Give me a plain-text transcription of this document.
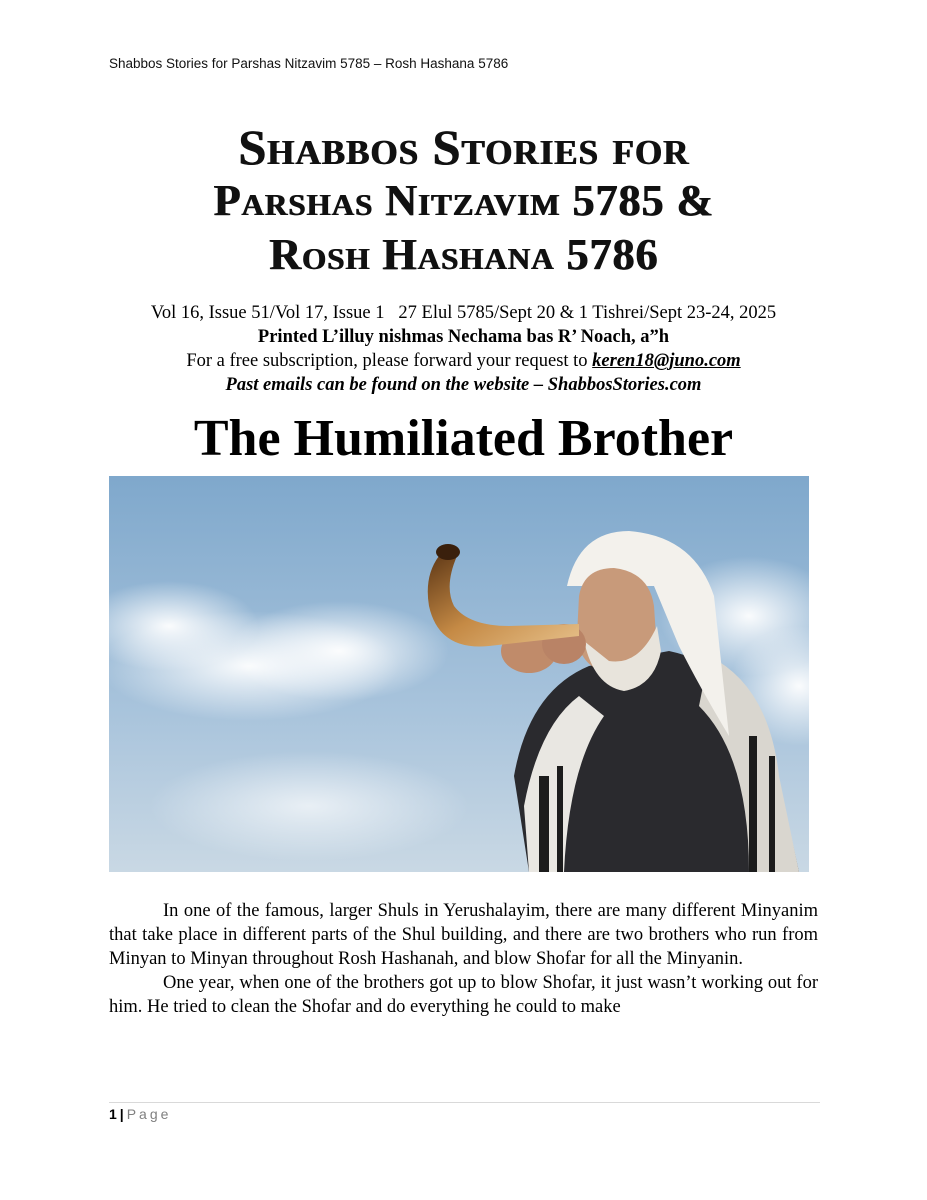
Shabbos Stories for Parshas Nitzavim 5785 – Rosh Hashana 5786
Shabbos Stories for
Parshas Nitzavim 5785 &
Rosh Hashana 5786
Vol 16, Issue 51/Vol 17, Issue 1   27 Elul 5785/Sept 20 & 1 Tishrei/Sept 23-24, 2025
Printed L’illuy nishmas Nechama bas R’ Noach, a”h
For a free subscription, please forward your request to keren18@juno.com
Past emails can be found on the website – ShabbosStories.com
The Humiliated Brother

In one of the famous, larger Shuls in Yerushalayim, there are many different Minyanim that take place in different parts of the Shul building, and there are two brothers who run from Minyan to Minyan throughout Rosh Hashanah, and blow Shofar for all the Minyanin.

One year, when one of the brothers got up to blow Shofar, it just wasn’t working out for him. He tried to clean the Shofar and do everything he could to make

1 | Page
